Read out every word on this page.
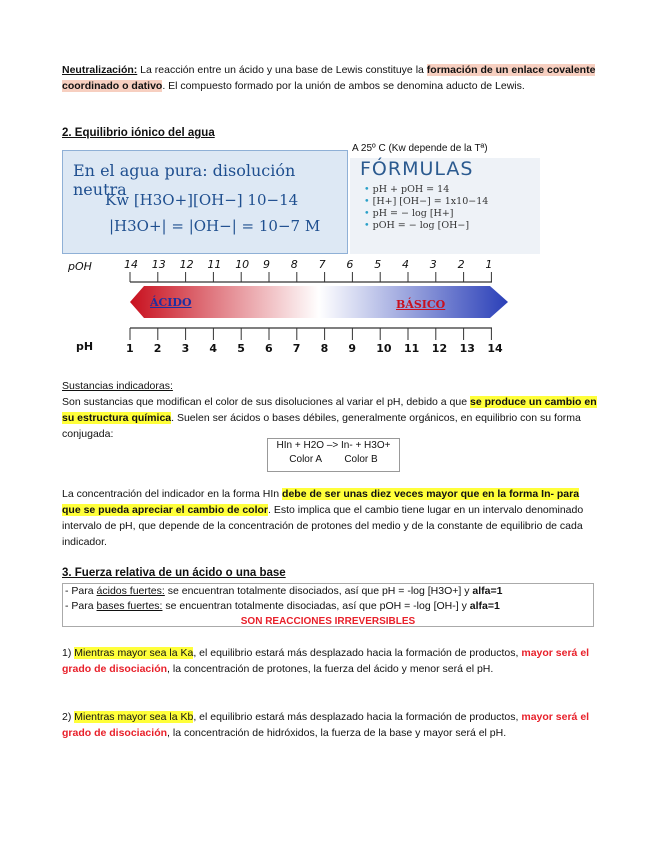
Neutralización: La reacción entre un ácido y una base de Lewis constituye la formación de un enlace covalente coordinado o dativo. El compuesto formado por la unión de ambos se denomina aducto de Lewis.
2. Equilibrio iónico del agua
A 25º C (Kw depende de la Tª)
En el agua pura: disolución neutra
Kw [H3O+][OH−] 10−14
|H3O+| = |OH−| = 10−7 M
FÓRMULAS
• pH + pOH = 14
• [H+] [OH−] = 1x10−14
• pH = − log [H+]
• pOH = − log [OH−]
pOH
pH
14 13 12 11 10 9 8 7 6 5 4 3 2 1
1 2 3 4 5 6 7 8 9 10 11 12 13 14
ÁCIDO	BÁSICO
Sustancias indicadoras:
Son sustancias que modifican el color de sus disoluciones al variar el pH, debido a que se produce un cambio en su estructura química. Suelen ser ácidos o bases débiles, generalmente orgánicos, en equilibrio con su forma conjugada:
HIn + H2O –> In- + H3O+
Color A Color B
La concentración del indicador en la forma HIn debe de ser unas diez veces mayor que en la forma In- para que se pueda apreciar el cambio de color. Esto implica que el cambio tiene lugar en un intervalo denominado intervalo de pH, que depende de la concentración de protones del medio y de la constante de equilibrio de cada indicador.
3. Fuerza relativa de un ácido o una base
- Para ácidos fuertes: se encuentran totalmente disociados, así que pH = -log [H3O+] y alfa=1
- Para bases fuertes: se encuentran totalmente disociadas, así que pOH = -log [OH-] y alfa=1
SON REACCIONES IRREVERSIBLES
1) Mientras mayor sea la Ka, el equilibrio estará más desplazado hacia la formación de productos, mayor será el grado de disociación, la concentración de protones, la fuerza del ácido y menor será el pH.
2) Mientras mayor sea la Kb, el equilibrio estará más desplazado hacia la formación de productos, mayor será el grado de disociación, la concentración de hidróxidos, la fuerza de la base y mayor será el pH.
